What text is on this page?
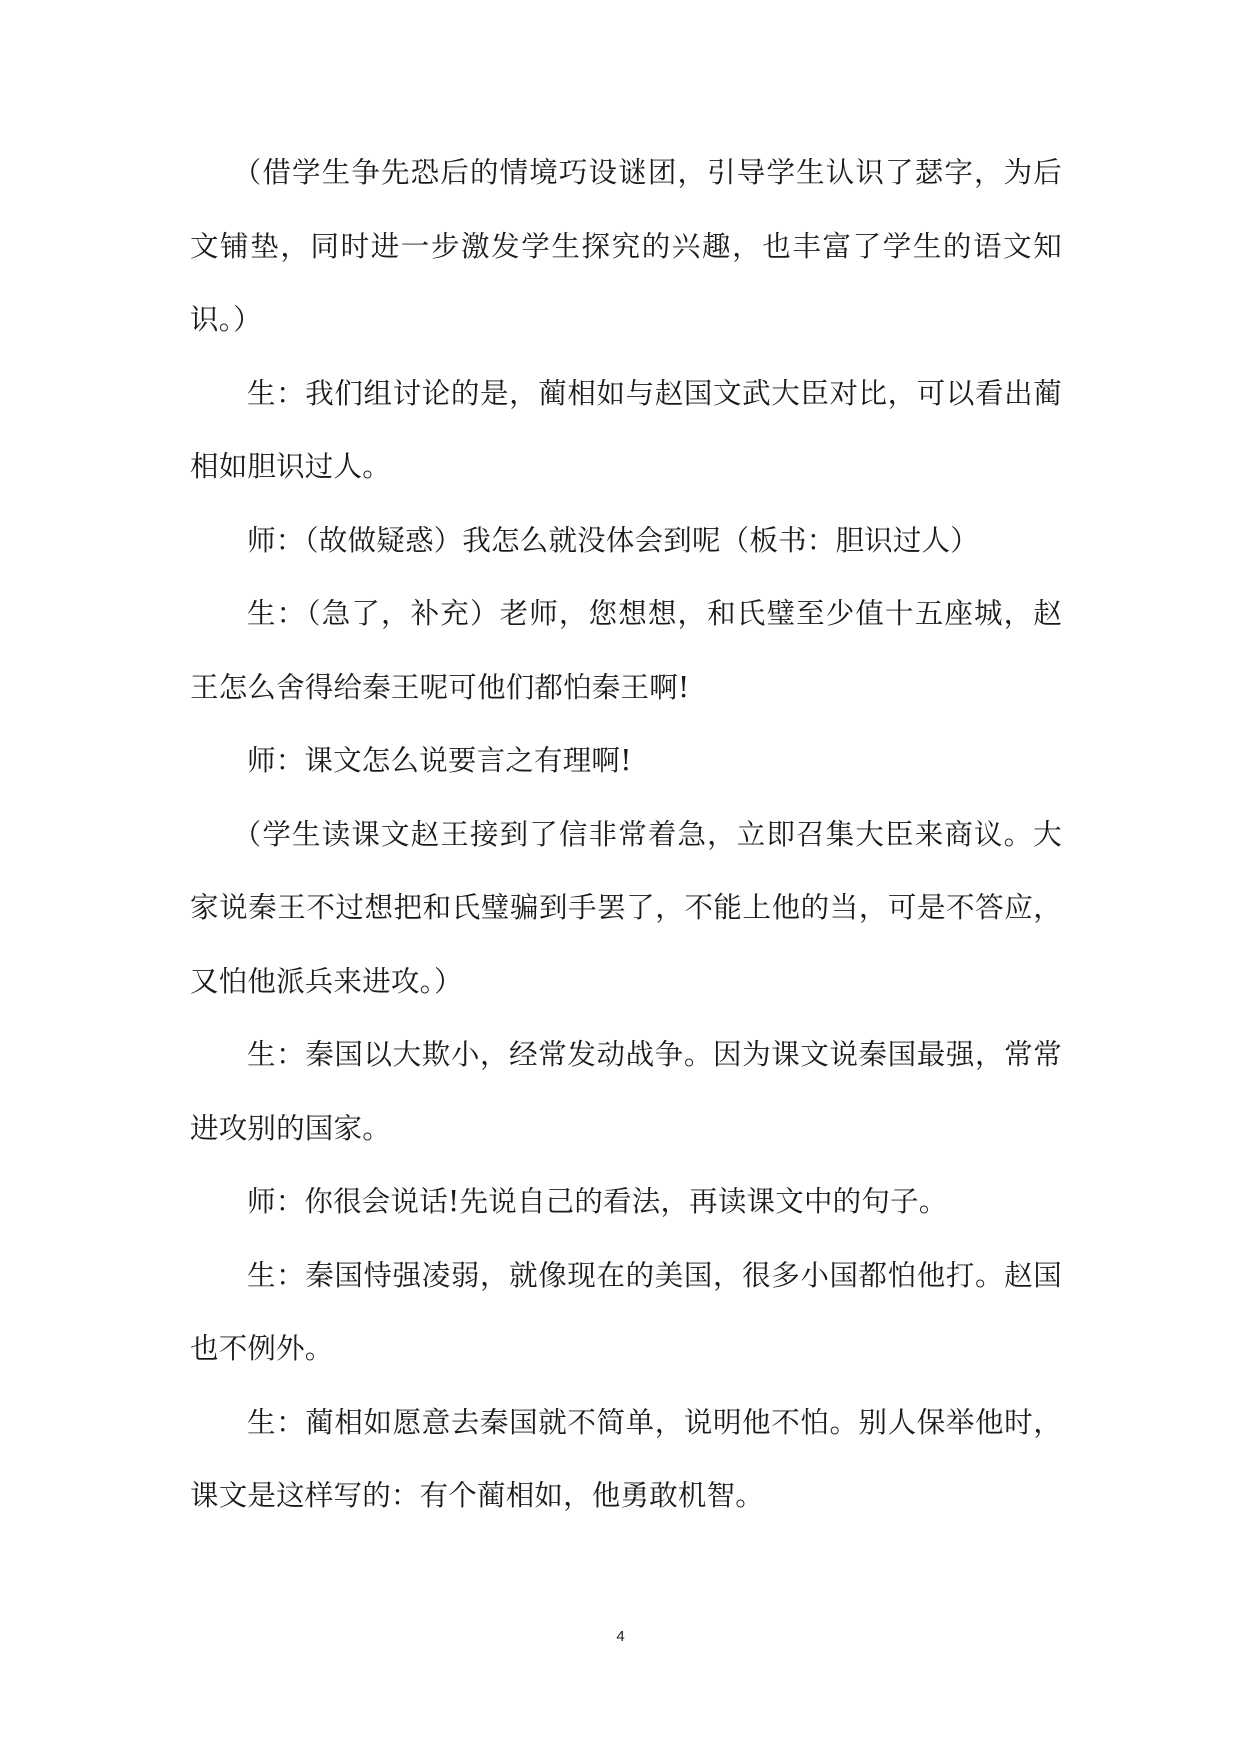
（借学生争先恐后的情境巧设谜团，引导学生认识了瑟字，为后文铺垫，同时进一步激发学生探究的兴趣，也丰富了学生的语文知识。）

生：我们组讨论的是，蔺相如与赵国文武大臣对比，可以看出蔺相如胆识过人。

师：（故做疑惑）我怎么就没体会到呢（板书：胆识过人）

生：（急了，补充）老师，您想想，和氏璧至少值十五座城，赵王怎么舍得给秦王呢可他们都怕秦王啊!

师：课文怎么说要言之有理啊!

（学生读课文赵王接到了信非常着急，立即召集大臣来商议。大家说秦王不过想把和氏璧骗到手罢了，不能上他的当，可是不答应，又怕他派兵来进攻。）

生：秦国以大欺小，经常发动战争。因为课文说秦国最强，常常进攻别的国家。

师：你很会说话!先说自己的看法，再读课文中的句子。

生：秦国恃强凌弱，就像现在的美国，很多小国都怕他打。赵国也不例外。

生：蔺相如愿意去秦国就不简单，说明他不怕。别人保举他时，课文是这样写的：有个蔺相如，他勇敢机智。

4
